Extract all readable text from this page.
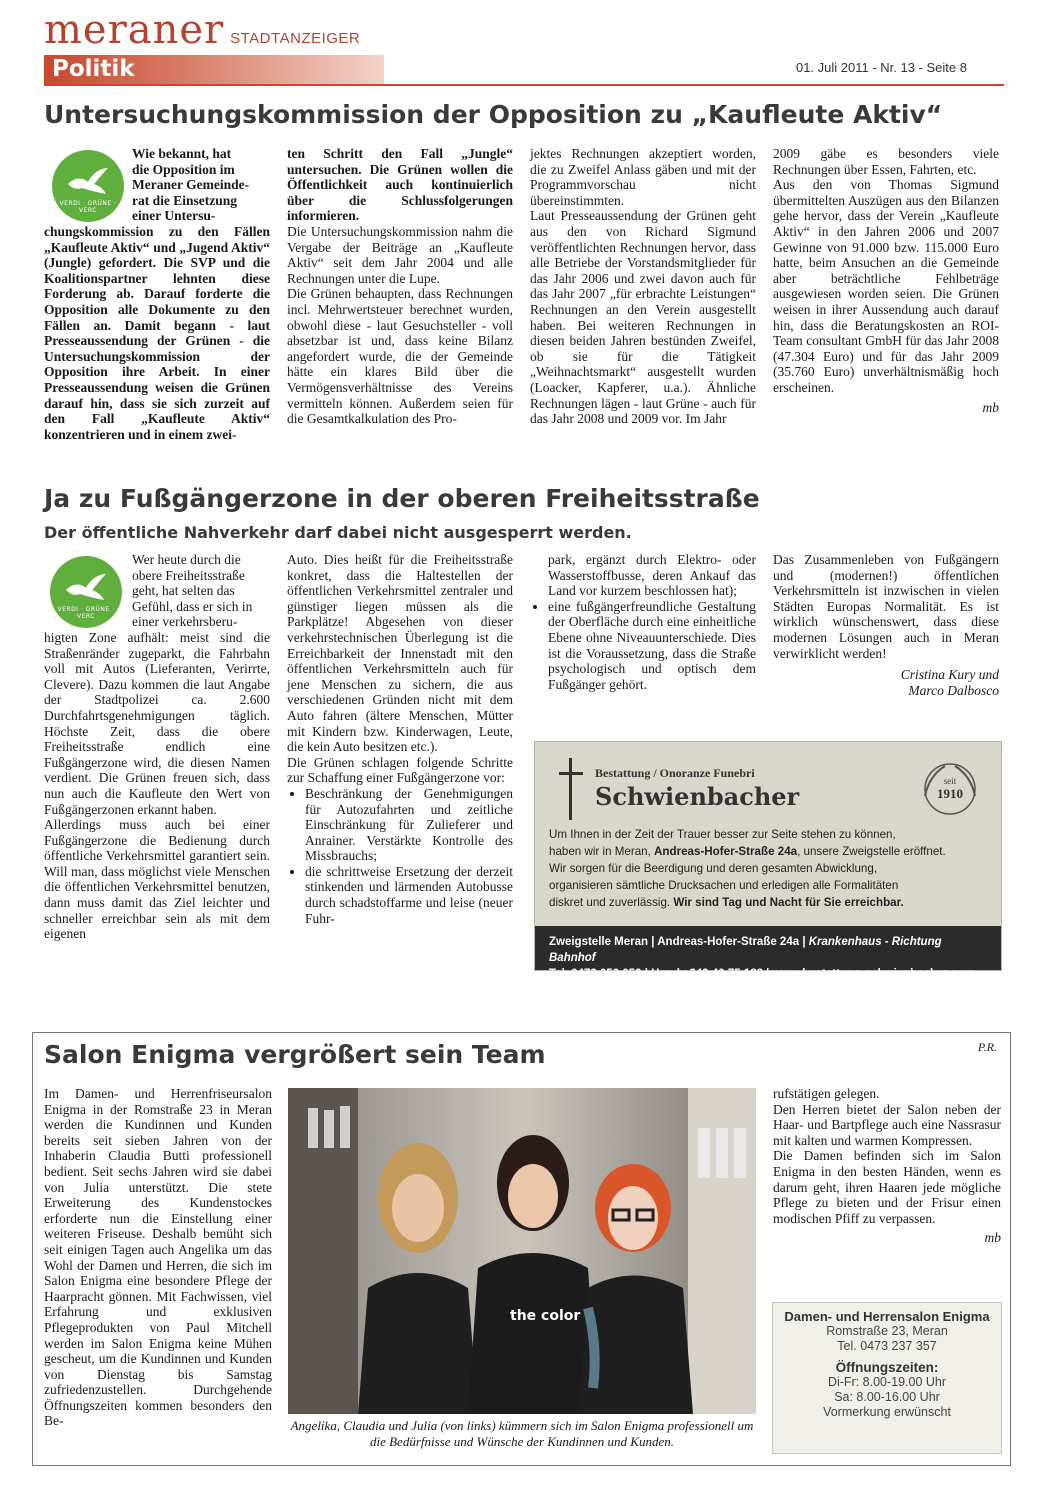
meraner STADTANZEIGER
Politik	01. Juli 2011 - Nr. 13 - Seite 8
Untersuchungskommission der Opposition zu „Kaufleute Aktiv“
VERDI · GRÜNE · VERC
Wie bekannt, hat
die Opposition im
Meraner Gemeinde-
rat die Einsetzung
einer Untersu-

chungskommission zu den Fällen „Kaufleute Aktiv“ und „Jugend Aktiv“ (Jungle) gefordert. Die SVP und die Koalitionspartner lehnten diese Forderung ab. Darauf forderte die Opposition alle Dokumente zu den Fällen an. Damit begann - laut Presseaussendung der Grünen - die Untersuchungskommission der Opposition ihre Arbeit. In einer Presseaussendung weisen die Grünen darauf hin, dass sie sich zurzeit auf den Fall „Kaufleute Aktiv“ konzentrieren und in einem zwei-

ten Schritt den Fall „Jungle“ untersuchen. Die Grünen wollen die Öffentlichkeit auch kontinuierlich über die Schlussfolgerungen informieren.

Die Untersuchungskommission nahm die Vergabe der Beiträge an „Kaufleute Aktiv“ seit dem Jahr 2004 und alle Rechnungen unter die Lupe.

Die Grünen behaupten, dass Rechnungen incl. Mehrwertsteuer berechnet wurden, obwohl diese - laut Gesuchsteller - voll absetzbar ist und, dass keine Bilanz angefordert wurde, die der Gemeinde hätte ein klares Bild über die Vermögensverhältnisse des Vereins vermitteln können. Außerdem seien für die Gesamtkalkulation des Pro-

jektes Rechnungen akzeptiert worden, die zu Zweifel Anlass gäben und mit der Programmvorschau nicht übereinstimmten.

Laut Presseaussendung der Grünen geht aus den von Richard Sigmund veröffentlichten Rechnungen hervor, dass alle Betriebe der Vorstandsmitglieder für das Jahr 2006 und zwei davon auch für das Jahr 2007 „für erbrachte Leistungen“ Rechnungen an den Verein ausgestellt haben. Bei weiteren Rechnungen in diesen beiden Jahren bestünden Zweifel, ob sie für die Tätigkeit „Weihnachtsmarkt“ ausgestellt wurden (Loacker, Kapferer, u.a.). Ähnliche Rechnungen lägen - laut Grüne - auch für das Jahr 2008 und 2009 vor. Im Jahr

2009 gäbe es besonders viele Rechnungen über Essen, Fahrten, etc.

Aus den von Thomas Sigmund übermittelten Auszügen aus den Bilanzen gehe hervor, dass der Verein „Kaufleute Aktiv“ in den Jahren 2006 und 2007 Gewinne von 91.000 bzw. 115.000 Euro hatte, beim Ansuchen an die Gemeinde aber beträchtliche Fehlbeträge ausgewiesen worden seien. Die Grünen weisen in ihrer Aussendung auch darauf hin, dass die Beratungskosten an ROI-Team consultant GmbH für das Jahr 2008 (47.304 Euro) und für das Jahr 2009 (35.760 Euro) unverhältnismäßig hoch erscheinen.

mb
Ja zu Fußgängerzone in der oberen Freiheitsstraße
Der öffentliche Nahverkehr darf dabei nicht ausgesperrt werden.
VERDI · GRÜNE · VERC
Wer heute durch die
obere Freiheitsstraße
geht, hat selten das
Gefühl, dass er sich in
einer verkehrsberu-

higten Zone aufhält: meist sind die Straßenränder zugeparkt, die Fahrbahn voll mit Autos (Lieferanten, Verirrte, Clevere). Dazu kommen die laut Angabe der Stadtpolizei ca. 2.600 Durchfahrtsgenehmigungen täglich. Höchste Zeit, dass die obere Freiheitsstraße endlich eine Fußgängerzone wird, die diesen Namen verdient. Die Grünen freuen sich, dass nun auch die Kaufleute den Wert von Fußgängerzonen erkannt haben.

Allerdings muss auch bei einer Fußgängerzone die Bedienung durch öffentliche Verkehrsmittel garantiert sein. Will man, dass möglichst viele Menschen die öffentlichen Verkehrsmittel benutzen, dann muss damit das Ziel leichter und schneller erreichbar sein als mit dem eigenen

Auto. Dies heißt für die Freiheitsstraße konkret, dass die Haltestellen der öffentlichen Verkehrsmittel zentraler und günstiger liegen müssen als die Parkplätze! Abgesehen von dieser verkehrstechnischen Überlegung ist die Erreichbarkeit der Innenstadt mit den öffentlichen Verkehrsmitteln auch für jene Menschen zu sichern, die aus verschiedenen Gründen nicht mit dem Auto fahren (ältere Menschen, Mütter mit Kindern bzw. Kinderwagen, Leute, die kein Auto besitzen etc.).

Die Grünen schlagen folgende Schritte zur Schaffung einer Fußgängerzone vor:

• Beschränkung der Genehmigungen für Autozufahrten und zeitliche Einschränkung für Zulieferer und Anrainer. Verstärkte Kontrolle des Missbrauchs;
• die schrittweise Ersetzung der derzeit stinkenden und lärmenden Autobusse durch schadstoffarme und leise (neuer Fuhr-

park, ergänzt durch Elektro- oder Wasserstoffbusse, deren Ankauf das Land vor kurzem beschlossen hat);

• eine fußgängerfreundliche Gestaltung der Oberfläche durch eine einheitliche Ebene ohne Niveauunterschiede. Dies ist die Voraussetzung, dass die Straße psychologisch und optisch dem Fußgänger gehört.

Das Zusammenleben von Fußgängern und (modernen!) öffentlichen Verkehrsmitteln ist inzwischen in vielen Städten Europas Normalität. Es ist wirklich wünschenswert, dass diese modernen Lösungen auch in Meran verwirklicht werden!

Cristina Kury und
Marco Dalbosco
Bestattung / Onoranze Funebri
Schwienbacher
seit
1910
Um Ihnen in der Zeit der Trauer besser zur Seite stehen zu können,
haben wir in Meran, Andreas-Hofer-Straße 24a, unsere Zweigstelle eröffnet.
Wir sorgen für die Beerdigung und deren gesamten Abwicklung,
organisieren sämtliche Drucksachen und erledigen alle Formalitäten
diskret und zuverlässig. Wir sind Tag und Nacht für Sie erreichbar.
Zweigstelle Meran | Andreas-Hofer-Straße 24a | Krankenhaus - Richtung Bahnhof
Tel. 0473 050 050 | Handy 349 40 75 188 | www.bestattung-schwienbacher.com
Salon Enigma vergrößert sein Team	P.R.

Im Damen- und Herrenfriseursalon Enigma in der Romstraße 23 in Meran werden die Kundinnen und Kunden bereits seit sieben Jahren von der Inhaberin Claudia Butti professionell bedient. Seit sechs Jahren wird sie dabei von Julia unterstützt. Die stete Erweiterung des Kundenstockes erforderte nun die Einstellung einer weiteren Friseuse. Deshalb bemüht sich seit einigen Tagen auch Angelika um das Wohl der Damen und Herren, die sich im Salon Enigma eine besondere Pflege der Haarpracht gönnen. Mit Fachwissen, viel Erfahrung und exklusiven Pflegeprodukten von Paul Mitchell werden im Salon Enigma keine Mühen gescheut, um die Kundinnen und Kunden von Dienstag bis Samstag zufriedenzustellen. Durchgehende Öffnungszeiten kommen besonders den Be-

the color
Angelika, Claudia und Julia (von links) kümmern sich im Salon Enigma professionell um die Bedürfnisse und Wünsche der Kundinnen und Kunden.

rufstätigen gelegen.

Den Herren bietet der Salon neben der Haar- und Bartpflege auch eine Nassrasur mit kalten und warmen Kompressen.

Die Damen befinden sich im Salon Enigma in den besten Händen, wenn es darum geht, ihren Haaren jede mögliche Pflege zu bieten und der Frisur einen modischen Pfiff zu verpassen.

mb
Damen- und Herrensalon Enigma
Romstraße 23, Meran
Tel. 0473 237 357
Öffnungszeiten:
Di-Fr: 8.00-19.00 Uhr
Sa: 8.00-16.00 Uhr
Vormerkung erwünscht
